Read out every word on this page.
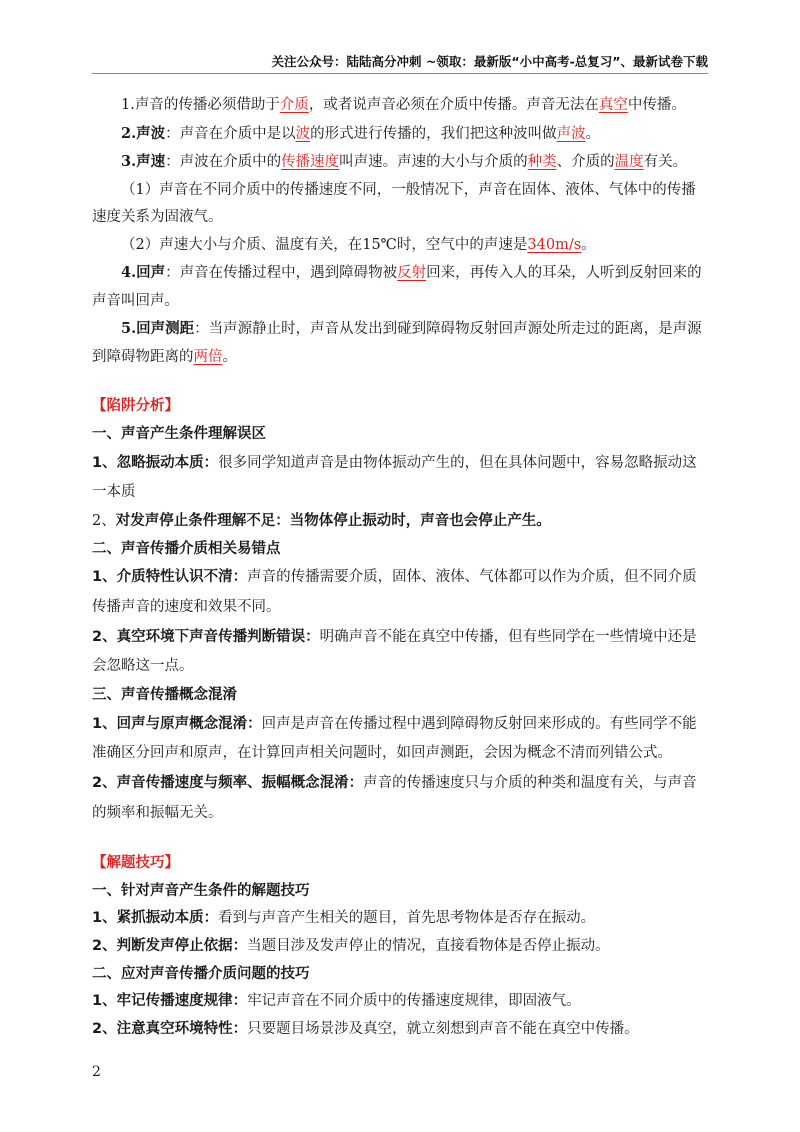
关注公众号：陆陆高分冲刺 ~领取：最新版“小中高考-总复习”、最新试卷下载

1.声音的传播必须借助于介质，或者说声音必须在介质中传播。声音无法在真空中传播。

2.声波：声音在介质中是以波的形式进行传播的，我们把这种波叫做声波。

3.声速：声波在介质中的传播速度叫声速。声速的大小与介质的种类、介质的温度有关。

（1）声音在不同介质中的传播速度不同，一般情况下，声音在固体、液体、气体中的传播速度关系为固液气。

（2）声速大小与介质、温度有关，在15℃时，空气中的声速是340m/s。

4.回声：声音在传播过程中，遇到障碍物被反射回来，再传入人的耳朵，人听到反射回来的声音叫回声。

5.回声测距：当声源静止时，声音从发出到碰到障碍物反射回声源处所走过的距离，是声源到障碍物距离的两倍。

【陷阱分析】

一、声音产生条件理解误区

1、忽略振动本质：很多同学知道声音是由物体振动产生的，但在具体问题中，容易忽略振动这一本质

2、对发声停止条件理解不足：当物体停止振动时，声音也会停止产生。

二、声音传播介质相关易错点

1、介质特性认识不清：声音的传播需要介质，固体、液体、气体都可以作为介质，但不同介质传播声音的速度和效果不同。

2、真空环境下声音传播判断错误：明确声音不能在真空中传播，但有些同学在一些情境中还是会忽略这一点。

三、声音传播概念混淆

1、回声与原声概念混淆：回声是声音在传播过程中遇到障碍物反射回来形成的。有些同学不能准确区分回声和原声，在计算回声相关问题时，如回声测距，会因为概念不清而列错公式。

2、声音传播速度与频率、振幅概念混淆：声音的传播速度只与介质的种类和温度有关，与声音的频率和振幅无关。

【解题技巧】

一、针对声音产生条件的解题技巧

1、紧抓振动本质：看到与声音产生相关的题目，首先思考物体是否存在振动。

2、判断发声停止依据：当题目涉及发声停止的情况，直接看物体是否停止振动。

二、应对声音传播介质问题的技巧

1、牢记传播速度规律：牢记声音在不同介质中的传播速度规律，即固液气。

2、注意真空环境特性：只要题目场景涉及真空，就立刻想到声音不能在真空中传播。

2
